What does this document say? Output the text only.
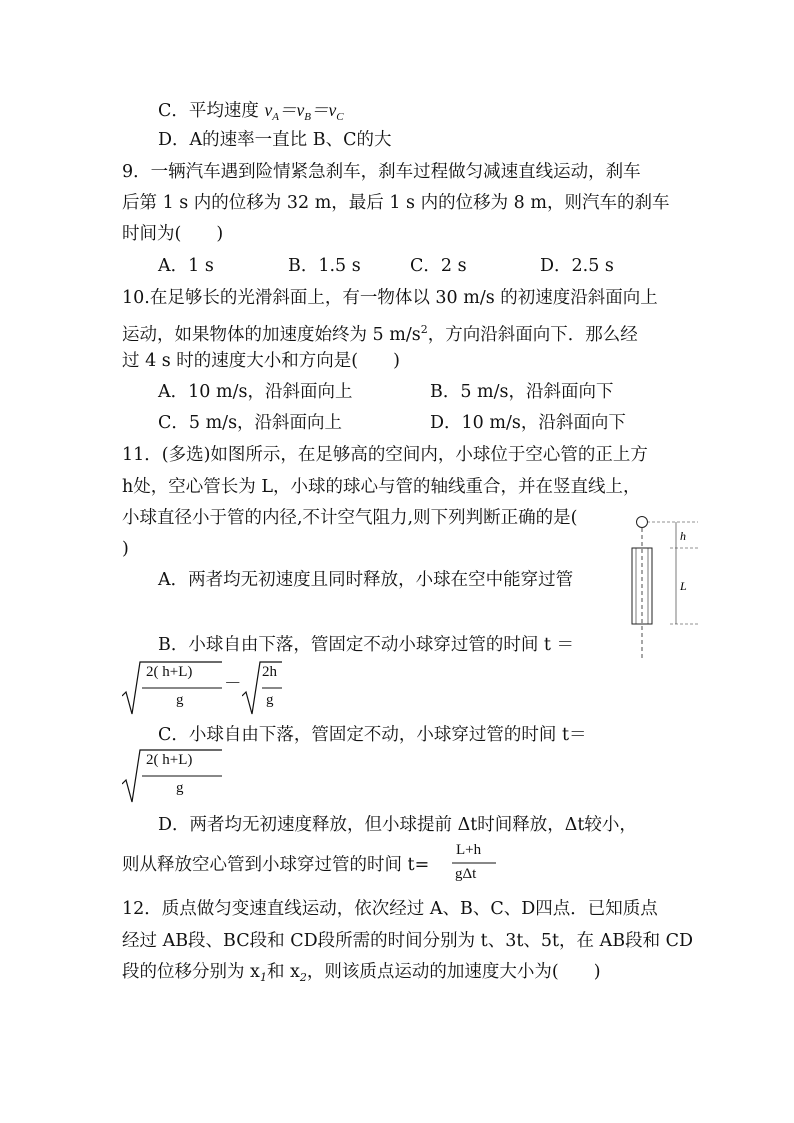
C．平均速度 $v_A=v_B=v_C$
D．A的速率一直比 B、C的大
9．一辆汽车遇到险情紧急刹车，刹车过程做匀减速直线运动，刹车
后第 1 s 内的位移为 32 m，最后 1 s 内的位移为 8 m，则汽车的刹车
时间为(　　)
A．1 s	B．1.5 s	C．2 s	D．2.5 s
10.在足够长的光滑斜面上，有一物体以 30 m/s 的初速度沿斜面向上
运动，如果物体的加速度始终为 5 $m/s^2$，方向沿斜面向下．那么经
过 4 s 时的速度大小和方向是(　　)
A．10 m/s，沿斜面向上	B．5 m/s，沿斜面向下
C．5 m/s，沿斜面向上	D．10 m/s，沿斜面向下
11．(多选)如图所示，在足够高的空间内，小球位于空心管的正上方
h处，空心管长为 L，小球的球心与管的轴线重合，并在竖直线上，
小球直径小于管的内径,不计空气阻力,则下列判断正确的是(
)
A．两者均无初速度且同时释放，小球在空中能穿过管
h
L
B．小球自由下落，管固定不动小球穿过管的时间 t ＝
2( h+L)
g
－
2h
g
C．小球自由下落，管固定不动，小球穿过管的时间 t＝
2( h+L)
g
D．两者均无初速度释放，但小球提前 Δt时间释放，Δt较小，
则从释放空心管到小球穿过管的时间 t=
L+h
gΔt
12．质点做匀变速直线运动，依次经过 A、B、C、D四点．已知质点
经过 AB段、BC段和 CD段所需的时间分别为 t、3t、5t，在 AB段和 CD
段的位移分别为 $x_1$和 $x_2$，则该质点运动的加速度大小为(　　)
